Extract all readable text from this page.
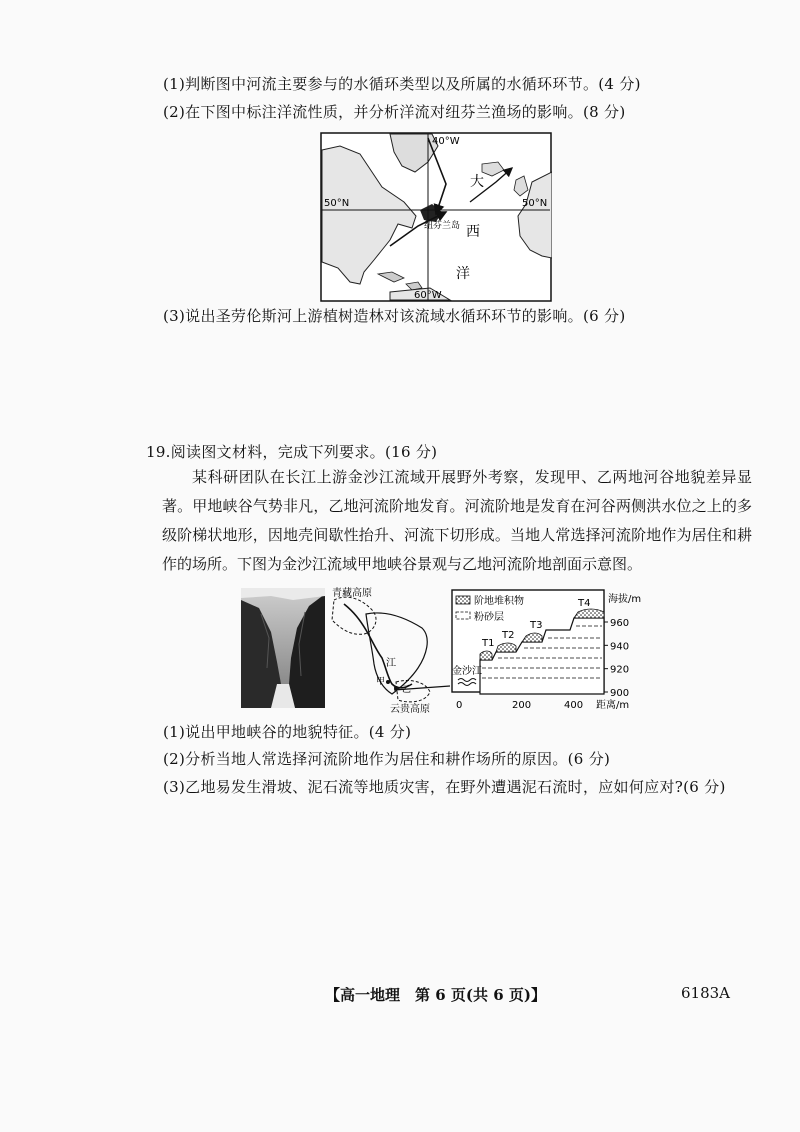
(1)判断图中河流主要参与的水循环类型以及所属的水循环环节。(4 分)
(2)在下图中标注洋流性质，并分析洋流对纽芬兰渔场的影响。(8 分)
40°W
60°W
50°N	50°N
纽芬兰岛
大
西
洋
(3)说出圣劳伦斯河上游植树造林对该流域水循环环节的影响。(6 分)
19.阅读图文材料，完成下列要求。(16 分)
某科研团队在长江上游金沙江流域开展野外考察，发现甲、乙两地河谷地貌差异显著。甲地峡谷气势非凡，乙地河流阶地发育。河流阶地是发育在河谷两侧洪水位之上的多级阶梯状地形，因地壳间歇性抬升、河流下切形成。当地人常选择河流阶地作为居住和耕作的场所。下图为金沙江流域甲地峡谷景观与乙地河流阶地剖面示意图。
青藏高原
云贵高原
江
甲
乙
阶地堆积物
粉砂层
金沙江
T1
T2
T3
T4 海拔/m
960
940
920
900
0	200	400 距离/m
(1)说出甲地峡谷的地貌特征。(4 分)
(2)分析当地人常选择河流阶地作为居住和耕作场所的原因。(6 分)
(3)乙地易发生滑坡、泥石流等地质灾害，在野外遭遇泥石流时，应如何应对?(6 分)
【高一地理　第 6 页(共 6 页)】	6183A
